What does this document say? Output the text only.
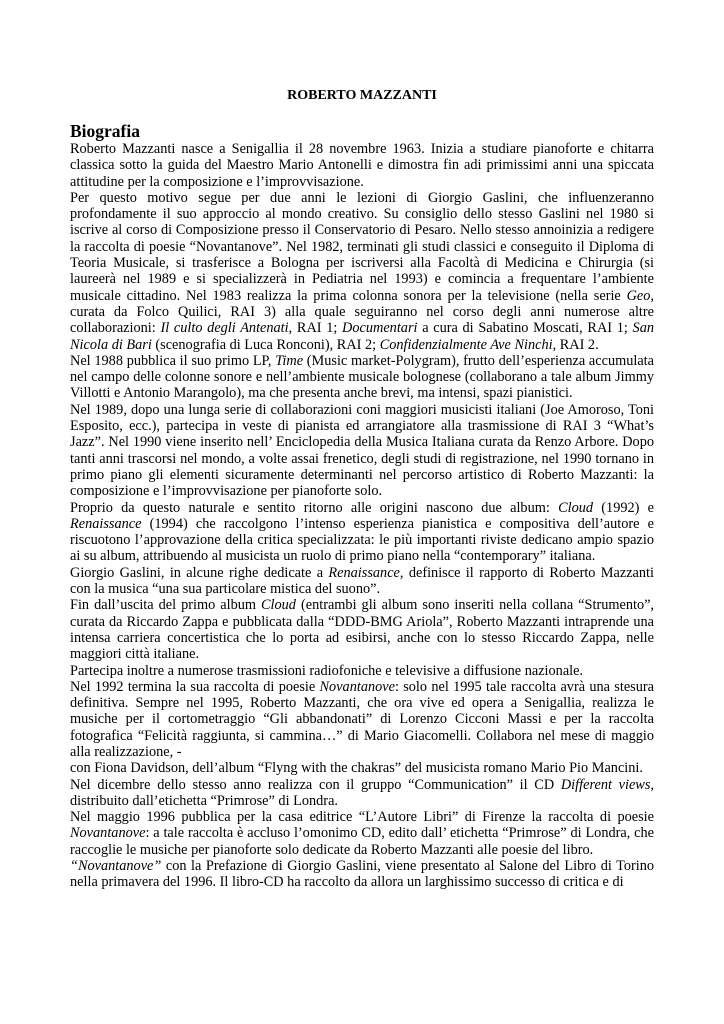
ROBERTO MAZZANTI
Biografia

Roberto Mazzanti nasce a Senigallia il 28 novembre 1963. Inizia a studiare pianoforte e chitarra classica sotto la guida del Maestro Mario Antonelli e dimostra fin adi primissimi anni una spiccata attitudine per la composizione e l’improvvisazione.

Per questo motivo segue per due anni le lezioni di Giorgio Gaslini, che influenzeranno profondamente il suo approccio al mondo creativo. Su consiglio dello stesso Gaslini nel 1980 si iscrive al corso di Composizione presso il Conservatorio di Pesaro. Nello stesso annoinizia a redigere la raccolta di poesie “Novantanove”. Nel 1982, terminati gli studi classici e conseguito il Diploma di Teoria Musicale, si trasferisce a Bologna per iscriversi alla Facoltà di Medicina e Chirurgia (si laureerà nel 1989 e si specializzerà in Pediatria nel 1993) e comincia a frequentare l’ambiente musicale cittadino. Nel 1983 realizza la prima colonna sonora per la televisione (nella serie Geo, curata da Folco Quilici, RAI 3) alla quale seguiranno nel corso degli anni numerose altre collaborazioni: Il culto degli Antenati, RAI 1; Documentari a cura di Sabatino Moscati, RAI 1; San Nicola di Bari (scenografia di Luca Ronconi), RAI 2; Confidenzialmente Ave Ninchi, RAI 2.

Nel 1988 pubblica il suo primo LP, Time (Music market-Polygram), frutto dell’esperienza accumulata nel campo delle colonne sonore e nell’ambiente musicale bolognese (collaborano a tale album Jimmy Villotti e Antonio Marangolo), ma che presenta anche brevi, ma intensi, spazi pianistici.

Nel 1989, dopo una lunga serie di collaborazioni coni maggiori musicisti italiani (Joe Amoroso, Toni Esposito, ecc.), partecipa in veste di pianista ed arrangiatore alla trasmissione di RAI 3 “What’s Jazz”. Nel 1990 viene inserito nell’ Enciclopedia della Musica Italiana curata da Renzo Arbore. Dopo tanti anni trascorsi nel mondo, a volte assai frenetico, degli studi di registrazione, nel 1990 tornano in primo piano gli elementi sicuramente determinanti nel percorso artistico di Roberto Mazzanti: la composizione e l’improvvisazione per pianoforte solo.

Proprio da questo naturale e sentito ritorno alle origini nascono due album: Cloud (1992) e Renaissance (1994) che raccolgono l’intenso esperienza pianistica e compositiva dell’autore e riscuotono l’approvazione della critica specializzata: le più importanti riviste dedicano ampio spazio ai su album, attribuendo al musicista un ruolo di primo piano nella “contemporary” italiana.

Giorgio Gaslini, in alcune righe dedicate a Renaissance, definisce il rapporto di Roberto Mazzanti con la musica “una sua particolare mistica del suono”.

Fin dall’uscita del primo album Cloud (entrambi gli album sono inseriti nella collana “Strumento”, curata da Riccardo Zappa e pubblicata dalla “DDD-BMG Ariola”, Roberto Mazzanti intraprende una intensa carriera concertistica che lo porta ad esibirsi, anche con lo stesso Riccardo Zappa, nelle maggiori città italiane.

Partecipa inoltre a numerose trasmissioni radiofoniche e televisive a diffusione nazionale.

Nel 1992 termina la sua raccolta di poesie Novantanove: solo nel 1995 tale raccolta avrà una stesura definitiva. Sempre nel 1995, Roberto Mazzanti, che ora vive ed opera a Senigallia, realizza le musiche per il cortometraggio “Gli abbandonati” di Lorenzo Cicconi Massi e per la raccolta fotografica “Felicità raggiunta, si cammina…” di Mario Giacomelli. Collabora nel mese di maggio alla realizzazione, -

con Fiona Davidson, dell’album “Flyng with the chakras” del musicista romano Mario Pio Mancini.

Nel dicembre dello stesso anno realizza con il gruppo “Communication” il CD Different views, distribuito dall’etichetta “Primrose” di Londra.

Nel maggio 1996 pubblica per la casa editrice “L’Autore Libri” di Firenze la raccolta di poesie Novantanove: a tale raccolta è accluso l’omonimo CD, edito dall’ etichetta “Primrose” di Londra, che raccoglie le musiche per pianoforte solo dedicate da Roberto Mazzanti alle poesie del libro.

“Novantanove” con la Prefazione di Giorgio Gaslini, viene presentato al Salone del Libro di Torino nella primavera del 1996. Il libro-CD ha raccolto da allora un larghissimo successo di critica e di
